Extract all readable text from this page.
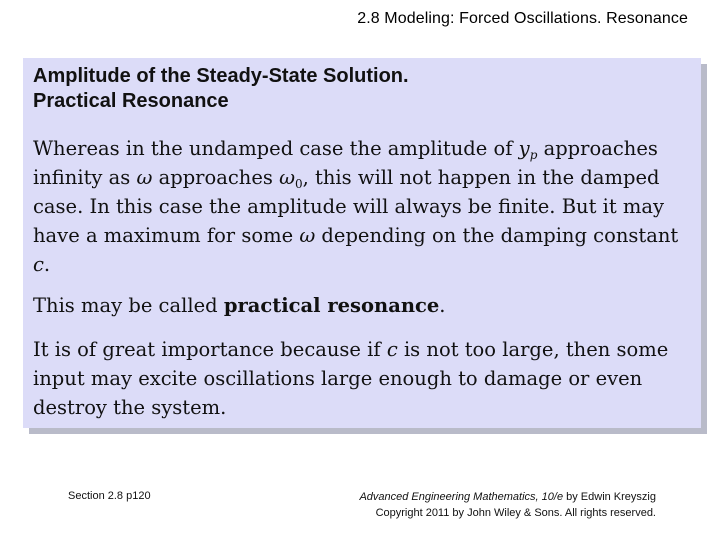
2.8 Modeling: Forced Oscillations. Resonance
Amplitude of the Steady-State Solution.
Practical Resonance
Whereas in the undamped case the amplitude of $y_p$ approaches infinity as ω approaches $\omega_0$, this will not happen in the damped case. In this case the amplitude will always be finite. But it may have a maximum for some ω depending on the damping constant c.
This may be called practical resonance.
It is of great importance because if c is not too large, then some input may excite oscillations large enough to damage or even destroy the system.
Section 2.8 p120	Advanced Engineering Mathematics, 10/e by Edwin Kreyszig
Copyright 2011 by John Wiley & Sons. All rights reserved.
